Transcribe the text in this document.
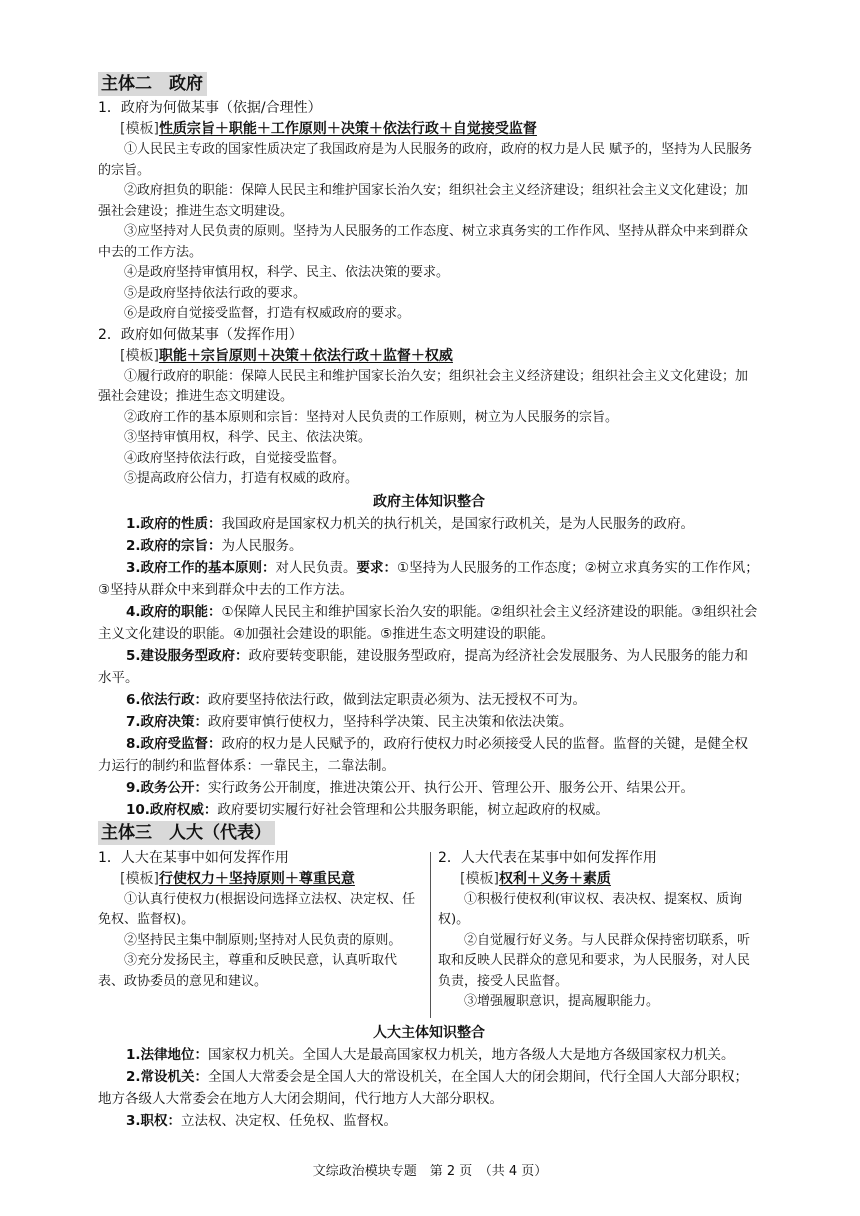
主体二　政府
1．政府为何做某事（依据/合理性）
[模板]性质宗旨＋职能＋工作原则＋决策＋依法行政＋自觉接受监督

①人民民主专政的国家性质决定了我国政府是为人民服务的政府，政府的权力是人民 赋予的，坚持为人民服务的宗旨。

②政府担负的职能：保障人民民主和维护国家长治久安；组织社会主义经济建设；组织社会主义文化建设；加强社会建设；推进生态文明建设。

③应坚持对人民负责的原则。坚持为人民服务的工作态度、树立求真务实的工作作风、坚持从群众中来到群众中去的工作方法。

④是政府坚持审慎用权，科学、民主、依法决策的要求。

⑤是政府坚持依法行政的要求。

⑥是政府自觉接受监督，打造有权威政府的要求。

2．政府如何做某事（发挥作用）
[模板]职能＋宗旨原则＋决策＋依法行政＋监督＋权威

①履行政府的职能：保障人民民主和维护国家长治久安；组织社会主义经济建设；组织社会主义文化建设；加强社会建设；推进生态文明建设。

②政府工作的基本原则和宗旨：坚持对人民负责的工作原则，树立为人民服务的宗旨。

③坚持审慎用权，科学、民主、依法决策。

④政府坚持依法行政，自觉接受监督。

⑤提高政府公信力，打造有权威的政府。

政府主体知识整合

1.政府的性质：我国政府是国家权力机关的执行机关，是国家行政机关，是为人民服务的政府。

2.政府的宗旨：为人民服务。

3.政府工作的基本原则：对人民负责。要求：①坚持为人民服务的工作态度；②树立求真务实的工作作风；③坚持从群众中来到群众中去的工作方法。

4.政府的职能：①保障人民民主和维护国家长治久安的职能。②组织社会主义经济建设的职能。③组织社会主义文化建设的职能。④加强社会建设的职能。⑤推进生态文明建设的职能。

5.建设服务型政府：政府要转变职能，建设服务型政府，提高为经济社会发展服务、为人民服务的能力和水平。

6.依法行政：政府要坚持依法行政，做到法定职责必须为、法无授权不可为。

7.政府决策：政府要审慎行使权力，坚持科学决策、民主决策和依法决策。

8.政府受监督：政府的权力是人民赋予的，政府行使权力时必须接受人民的监督。监督的关键，是健全权力运行的制约和监督体系：一靠民主，二靠法制。

9.政务公开：实行政务公开制度，推进决策公开、执行公开、管理公开、服务公开、结果公开。

10.政府权威：政府要切实履行好社会管理和公共服务职能，树立起政府的权威。

主体三　人大（代表）
1．人大在某事中如何发挥作用
[模板]行使权力＋坚持原则＋尊重民意

①认真行使权力(根据设问选择立法权、决定权、任免权、监督权)。

②坚持民主集中制原则;坚持对人民负责的原则。

③充分发扬民主，尊重和反映民意，认真听取代表、政协委员的意见和建议。

2．人大代表在某事中如何发挥作用
[模板]权利＋义务＋素质

①积极行使权利(审议权、表决权、提案权、质询权)。

②自觉履行好义务。与人民群众保持密切联系，听取和反映人民群众的意见和要求，为人民服务，对人民负责，接受人民监督。

③增强履职意识，提高履职能力。

人大主体知识整合

1.法律地位：国家权力机关。全国人大是最高国家权力机关，地方各级人大是地方各级国家权力机关。

2.常设机关：全国人大常委会是全国人大的常设机关，在全国人大的闭会期间，代行全国人大部分职权；地方各级人大常委会在地方人大闭会期间，代行地方人大部分职权。

3.职权：立法权、决定权、任免权、监督权。

文综政治模块专题　第 2 页　（共 4 页）
